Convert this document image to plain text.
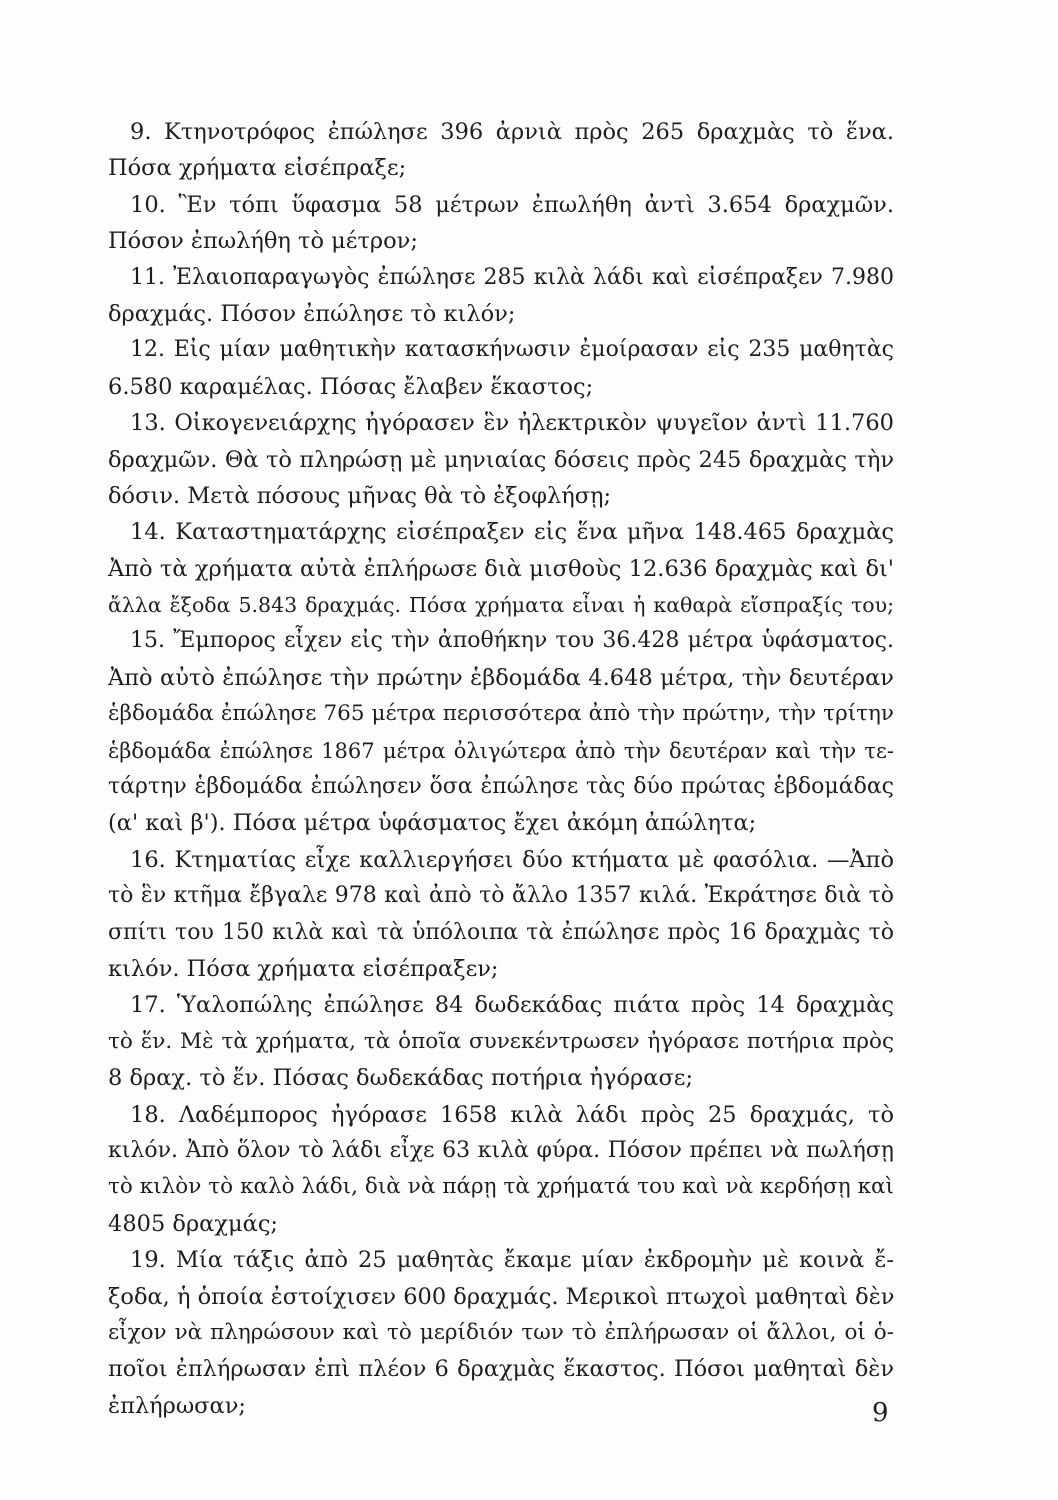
9. Κτηνοτρόφος ἐπώλησε 396 ἀρνιὰ πρὸς 265 δραχμὰς τὸ ἕνα.
Πόσα χρήματα εἰσέπραξε;
10. Ἓν τόπι ὕφασμα 58 μέτρων ἐπωλήθη ἀντὶ 3.654 δραχμῶν.
Πόσον ἐπωλήθη τὸ μέτρον;
11. Ἐλαιοπαραγωγὸς ἐπώλησε 285 κιλὰ λάδι καὶ εἰσέπραξεν 7.980
δραχμάς. Πόσον ἐπώλησε τὸ κιλόν;
12. Εἰς μίαν μαθητικὴν κατασκήνωσιν ἐμοίρασαν εἰς 235 μαθητὰς
6.580 καραμέλας. Πόσας ἔλαβεν ἕκαστος;
13. Οἰκογενειάρχης ἠγόρασεν ἓν ἠλεκτρικὸν ψυγεῖον ἀντὶ 11.760
δραχμῶν. Θὰ τὸ πληρώσῃ μὲ μηνιαίας δόσεις πρὸς 245 δραχμὰς τὴν
δόσιν. Μετὰ πόσους μῆνας θὰ τὸ ἐξοφλήσῃ;
14. Καταστηματάρχης εἰσέπραξεν εἰς ἕνα μῆνα 148.465 δραχμὰς
Ἀπὸ τὰ χρήματα αὐτὰ ἐπλήρωσε διὰ μισθοὺς 12.636 δραχμὰς καὶ δι'
ἄλλα ἔξοδα 5.843 δραχμάς. Πόσα χρήματα εἶναι ἡ καθαρὰ εἴσπραξίς του;
15. Ἔμπορος εἶχεν εἰς τὴν ἀποθήκην του 36.428 μέτρα ὑφάσματος.
Ἀπὸ αὐτὸ ἐπώλησε τὴν πρώτην ἑβδομάδα 4.648 μέτρα, τὴν δευτέραν
ἑβδομάδα ἐπώλησε 765 μέτρα περισσότερα ἀπὸ τὴν πρώτην, τὴν τρίτην
ἑβδομάδα ἐπώλησε 1867 μέτρα ὀλιγώτερα ἀπὸ τὴν δευτέραν καὶ τὴν τε-
τάρτην ἑβδομάδα ἐπώλησεν ὅσα ἐπώλησε τὰς δύο πρώτας ἑβδομάδας
(α' καὶ β'). Πόσα μέτρα ὑφάσματος ἔχει ἀκόμη ἀπώλητα;
16. Κτηματίας εἶχε καλλιεργήσει δύο κτήματα μὲ φασόλια. —Ἀπὸ
τὸ ἓν κτῆμα ἔβγαλε 978 καὶ ἀπὸ τὸ ἄλλο 1357 κιλά. Ἐκράτησε διὰ τὸ
σπίτι του 150 κιλὰ καὶ τὰ ὑπόλοιπα τὰ ἐπώλησε πρὸς 16 δραχμὰς τὸ
κιλόν. Πόσα χρήματα εἰσέπραξεν;
17. Ὑαλοπώλης ἐπώλησε 84 δωδεκάδας πιάτα πρὸς 14 δραχμὰς
τὸ ἕν. Μὲ τὰ χρήματα, τὰ ὁποῖα συνεκέντρωσεν ἠγόρασε ποτήρια πρὸς
8 δραχ. τὸ ἕν. Πόσας δωδεκάδας ποτήρια ἠγόρασε;
18. Λαδέμπορος ἠγόρασε 1658 κιλὰ λάδι πρὸς 25 δραχμάς, τὸ
κιλόν. Ἀπὸ ὅλον τὸ λάδι εἶχε 63 κιλὰ φύρα. Πόσον πρέπει νὰ πωλήσῃ
τὸ κιλὸν τὸ καλὸ λάδι, διὰ νὰ πάρῃ τὰ χρήματά του καὶ νὰ κερδήσῃ καὶ
4805 δραχμάς;
19. Μία τάξις ἀπὸ 25 μαθητὰς ἔκαμε μίαν ἐκδρομὴν μὲ κοινὰ ἔ-
ξοδα, ἡ ὁποία ἐστοίχισεν 600 δραχμάς. Μερικοὶ πτωχοὶ μαθηταὶ δὲν
εἶχον νὰ πληρώσουν καὶ τὸ μερίδιόν των τὸ ἐπλήρωσαν οἱ ἄλλοι, οἱ ὁ-
ποῖοι ἐπλήρωσαν ἐπὶ πλέον 6 δραχμὰς ἕκαστος. Πόσοι μαθηταὶ δὲν
ἐπλήρωσαν;	9
